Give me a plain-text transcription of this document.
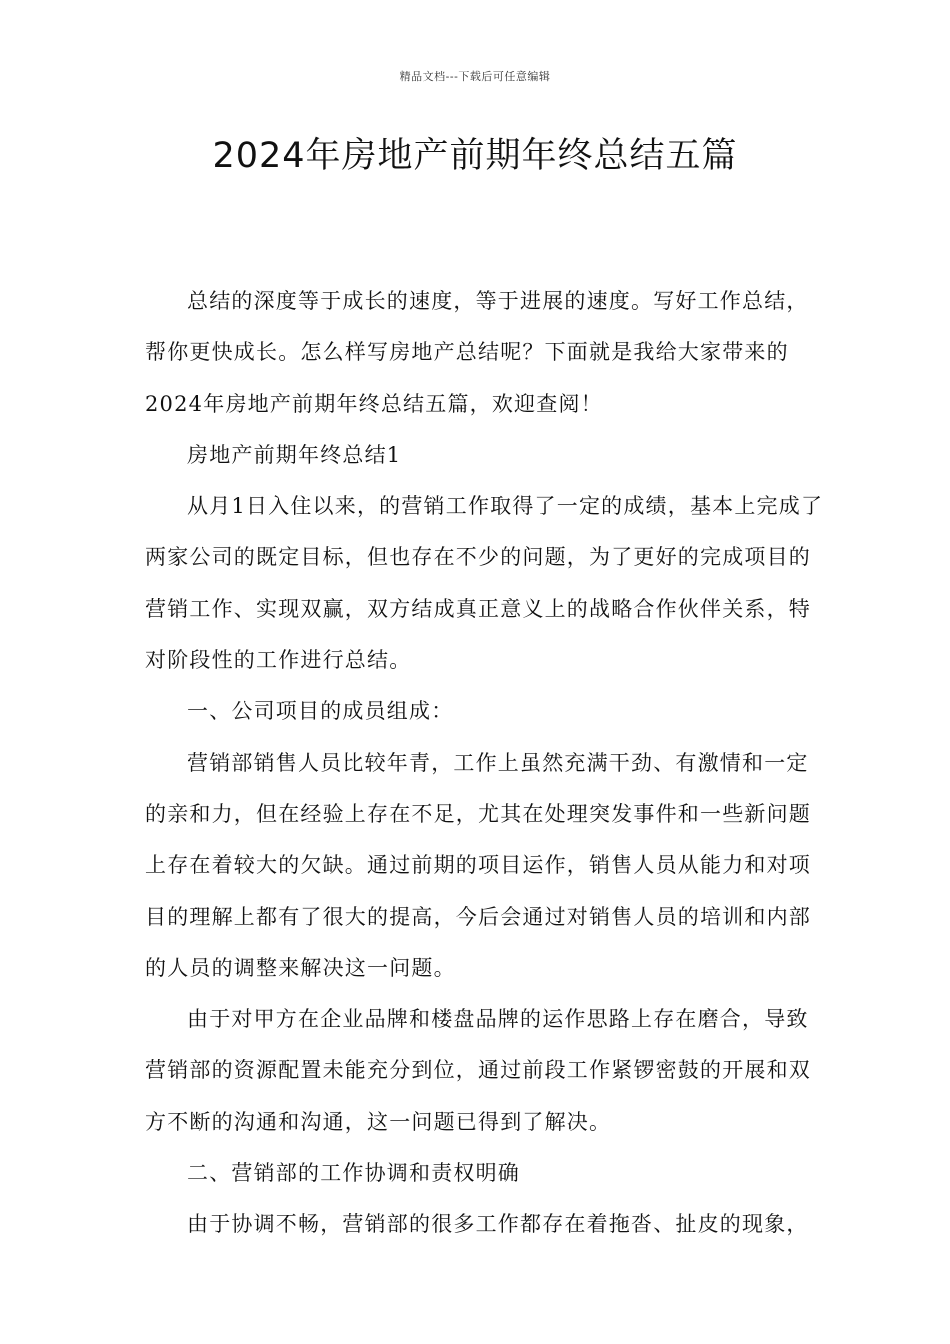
精品文档---下载后可任意编辑
2024年房地产前期年终总结五篇

总结的深度等于成长的速度，等于进展的速度。写好工作总结，帮你更快成长。怎么样写房地产总结呢？下面就是我给大家带来的2024年房地产前期年终总结五篇，欢迎查阅！

房地产前期年终总结1

从月1日入住以来，的营销工作取得了一定的成绩，基本上完成了两家公司的既定目标，但也存在不少的问题，为了更好的完成项目的营销工作、实现双赢，双方结成真正意义上的战略合作伙伴关系，特对阶段性的工作进行总结。

一、公司项目的成员组成：

营销部销售人员比较年青，工作上虽然充满干劲、有激情和一定的亲和力，但在经验上存在不足，尤其在处理突发事件和一些新问题上存在着较大的欠缺。通过前期的项目运作，销售人员从能力和对项目的理解上都有了很大的提高，今后会通过对销售人员的培训和内部的人员的调整来解决这一问题。

由于对甲方在企业品牌和楼盘品牌的运作思路上存在磨合，导致营销部的资源配置未能充分到位，通过前段工作紧锣密鼓的开展和双方不断的沟通和沟通，这一问题已得到了解决。

二、营销部的工作协调和责权明确

由于协调不畅，营销部的很多工作都存在着拖沓、扯皮的现象，
